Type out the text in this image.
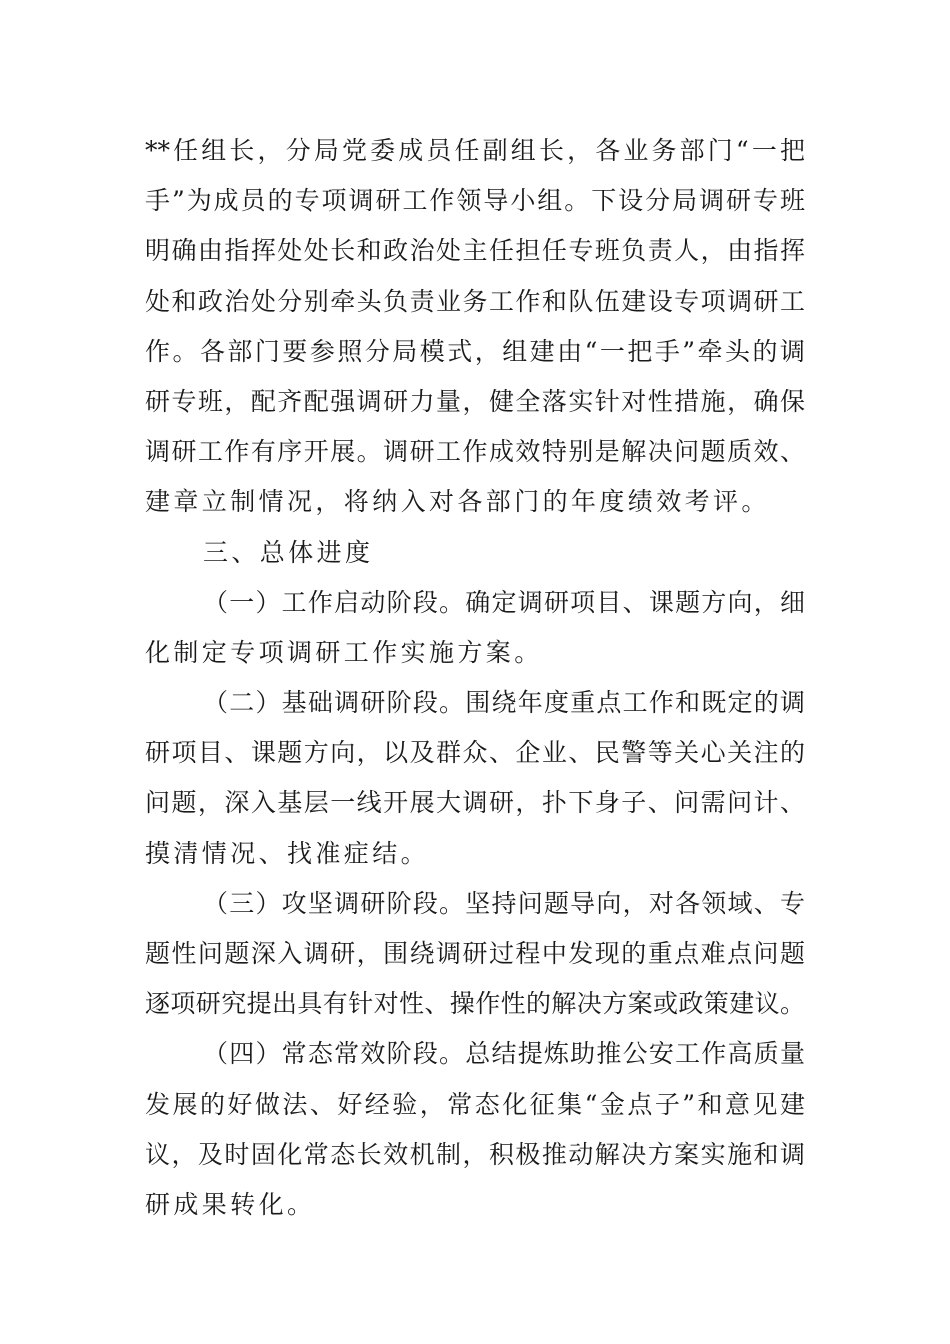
**任组长，分局党委成员任副组长，各业务部门“一把
手”为成员的专项调研工作领导小组。下设分局调研专班
明确由指挥处处长和政治处主任担任专班负责人，由指挥
处和政治处分别牵头负责业务工作和队伍建设专项调研工
作。各部门要参照分局模式，组建由“一把手”牵头的调
研专班，配齐配强调研力量，健全落实针对性措施，确保
调研工作有序开展。调研工作成效特别是解决问题质效、
建章立制情况，将纳入对各部门的年度绩效考评。
三、总体进度
（一）工作启动阶段。确定调研项目、课题方向，细
化制定专项调研工作实施方案。
（二）基础调研阶段。围绕年度重点工作和既定的调
研项目、课题方向，以及群众、企业、民警等关心关注的
问题，深入基层一线开展大调研，扑下身子、问需问计、
摸清情况、找准症结。
（三）攻坚调研阶段。坚持问题导向，对各领域、专
题性问题深入调研，围绕调研过程中发现的重点难点问题
逐项研究提出具有针对性、操作性的解决方案或政策建议。
（四）常态常效阶段。总结提炼助推公安工作高质量
发展的好做法、好经验，常态化征集“金点子”和意见建
议，及时固化常态长效机制，积极推动解决方案实施和调
研成果转化。
